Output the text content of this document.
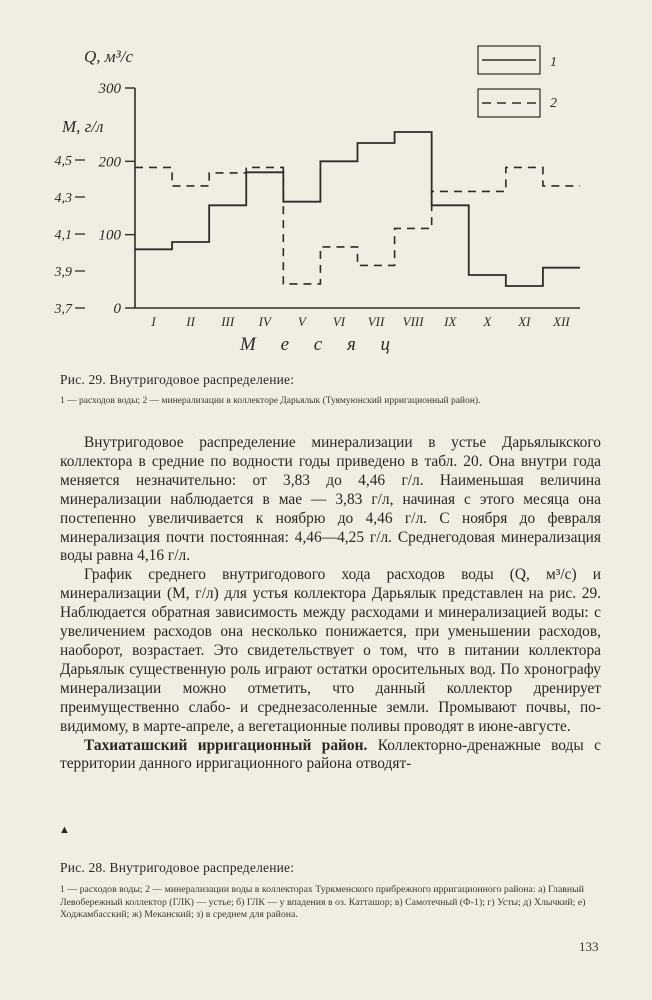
Q, м³/с
М, г/л
0
100
200
300
3,7
3,9
4,1
4,3
4,5
I II III IV V VI VII VIII IX X XI XII
М е с я ц
1
2
Рис. 29. Внутригодовое распределение:
1 — расходов воды; 2 — минерализации в коллекторе Дарьялык (Туямуюнский ирригационный район).

Внутригодовое распределение минерализации в устье Дарьялыкского коллектора в средние по водности годы приведено в табл. 20. Она внутри года меняется незначительно: от 3,83 до 4,46 г/л. Наименьшая величина минерализации наблюдается в мае — 3,83 г/л, начиная с этого месяца она постепенно увеличивается к ноябрю до 4,46 г/л. С ноября до февраля минерализация почти постоянная: 4,46—4,25 г/л. Среднегодовая минерализация воды равна 4,16 г/л.

График среднего внутригодового хода расходов воды (Q, м³/с) и минерализации (М, г/л) для устья коллектора Дарьялык представлен на рис. 29. Наблюдается обратная зависимость между расходами и минерализацией воды: с увеличением расходов она несколько понижается, при уменьшении расходов, наоборот, возрастает. Это свидетельствует о том, что в питании коллектора Дарьялык существенную роль играют остатки оросительных вод. По хронографу минерализации можно отметить, что данный коллектор дренирует преимущественно слабо- и среднезасоленные земли. Промывают почвы, по-видимому, в марте-апреле, а вегетационные поливы проводят в июне-августе.

Тахиаташский ирригационный район. Коллекторно-дренажные воды с территории данного ирригационного района отводят-

▲
Рис. 28. Внутригодовое распределение:
1 — расходов воды; 2 — минерализации воды в коллекторах Туркменского прибрежного ирригационного района: а) Главный Левобережный коллектор (ГЛК) — устье; б) ГЛК — у впадения в оз. Катташор; в) Самотечный (Ф-1); г) Усты; д) Хлычкий; е) Ходжамбасский; ж) Меканский; з) в среднем для района.
133
